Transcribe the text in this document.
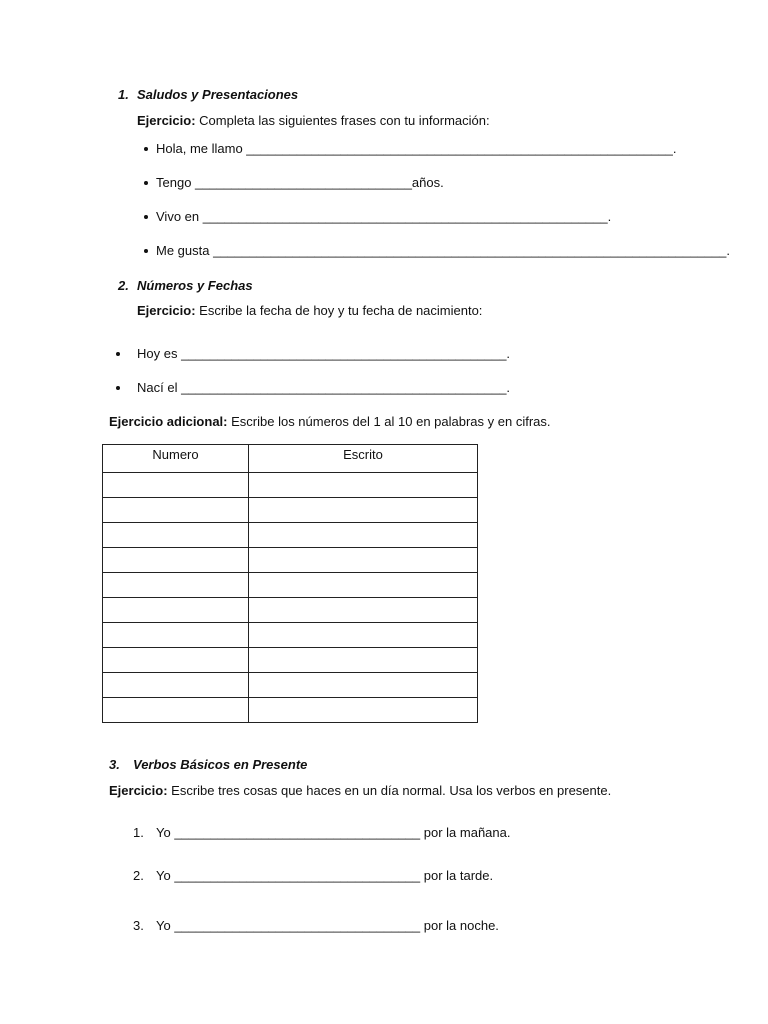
1. Saludos y Presentaciones
Ejercicio: Completa las siguientes frases con tu información:
Hola, me llamo ___________________________________________________________.
Tengo ______________________________años.
Vivo en ________________________________________________________.
Me gusta _______________________________________________________________________.
2. Números y Fechas
Ejercicio: Escribe la fecha de hoy y tu fecha de nacimiento:
Hoy es _____________________________________________.
Nací el _____________________________________________.
Ejercicio adicional: Escribe los números del 1 al 10 en palabras y en cifras.
Numero	Escrito

3. Verbos Básicos en Presente
Ejercicio: Escribe tres cosas que haces en un día normal. Usa los verbos en presente.
1. Yo __________________________________ por la mañana.
2. Yo __________________________________ por la tarde.
3. Yo __________________________________ por la noche.
